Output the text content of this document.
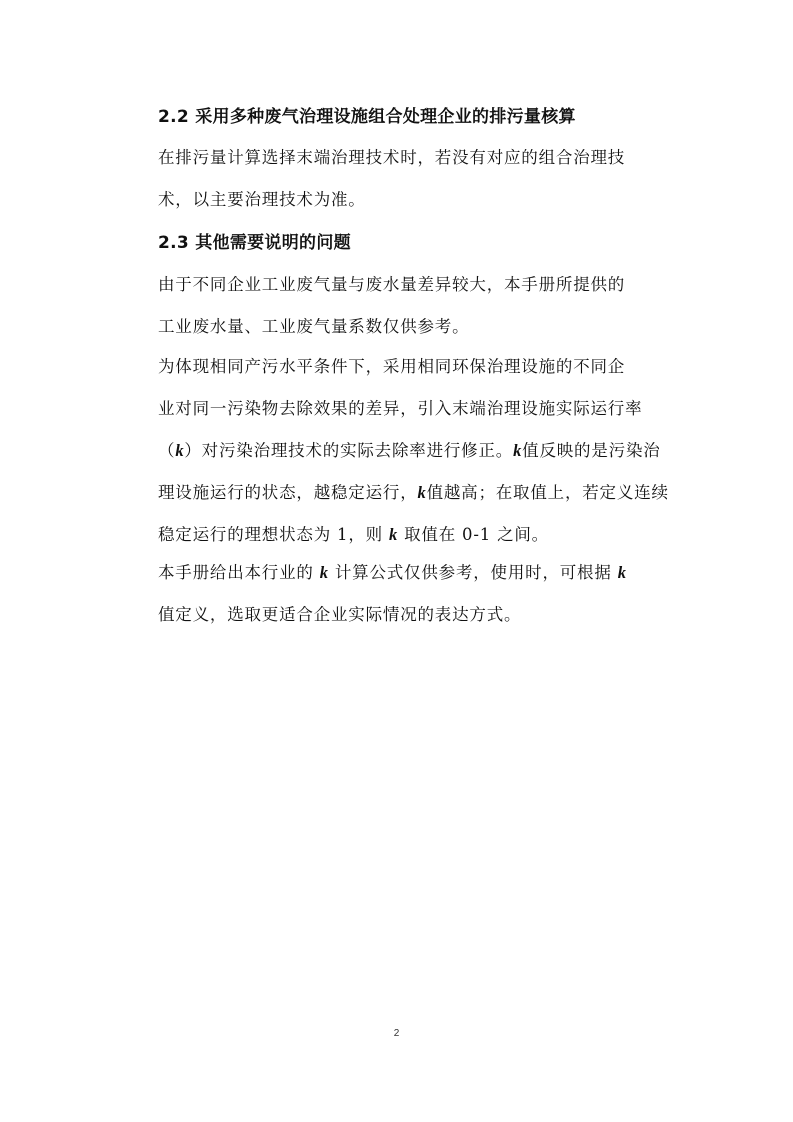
2.2 采用多种废气治理设施组合处理企业的排污量核算

在排污量计算选择末端治理技术时，若没有对应的组合治理技
术，以主要治理技术为准。

2.3 其他需要说明的问题

由于不同企业工业废气量与废水量差异较大，本手册所提供的
工业废水量、工业废气量系数仅供参考。

为体现相同产污水平条件下，采用相同环保治理设施的不同企
业对同一污染物去除效果的差异，引入末端治理设施实际运行率
（k）对污染治理技术的实际去除率进行修正。k值反映的是污染治
理设施运行的状态，越稳定运行，k值越高；在取值上，若定义连续
稳定运行的理想状态为 1，则 k 取值在 0-1 之间。

本手册给出本行业的 k 计算公式仅供参考，使用时，可根据 k
值定义，选取更适合企业实际情况的表达方式。

2
